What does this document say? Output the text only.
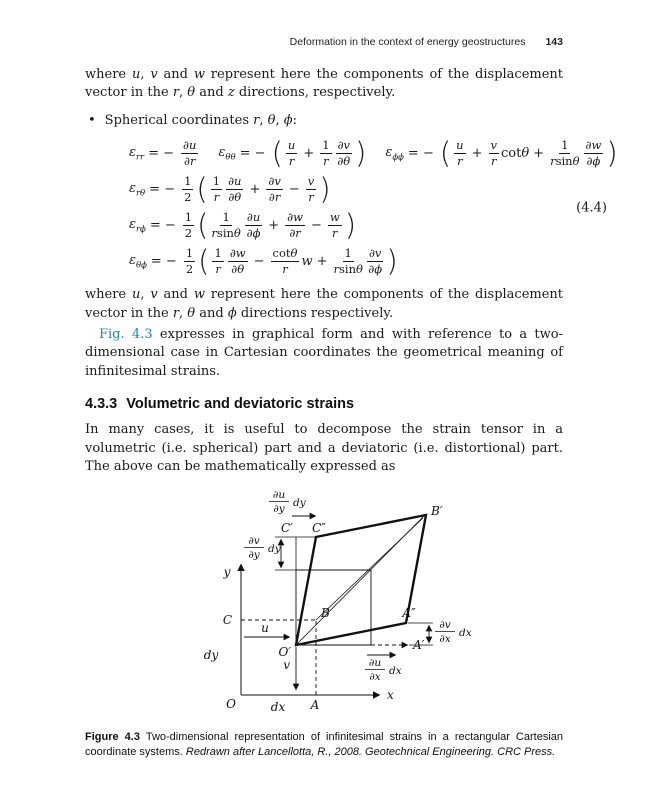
Deformation in the context of energy geostructures 143

where u, v and w represent here the components of the displacement vector in the r, θ and z directions, respectively.

• Spherical coordinates r, θ, ϕ:
$\varepsilon_{rr}$ = − $\frac{\partial u}{\partial r} \varepsilon_{\theta\theta}$ = − ( u
$r + \frac{1}{r} \partial v$
∂θ ) $\varepsilon_{\phi\phi}$ = − ( u
$r + \frac{v}{r}$ $\cot \theta + \frac{1}{rsin\theta} \partial w$
∂ϕ )
$\varepsilon_{r\theta}$ = − $\frac{1}{2}$ ( 1
r
∂u
$\partial\theta + \frac{\partial v}{\partial r} - \frac{v}{r}$ )
$\varepsilon_{r\phi}$ = − $\frac{1}{2}$ ( 1
rsinθ
∂u
$\partial\phi + \frac{\partial w}{\partial r} - \frac{w}{r}$ )
$\varepsilon_{\theta\phi}$ = − $\frac{1}{2}$ ( 1
r
∂w
$\partial\theta - \frac{\cot\theta}{r}$ $w + \frac{1}{rsin\theta} \partial v$
∂ϕ )
(4.4)

where u, v and w represent here the components of the displacement vector in the r, θ and ϕ directions respectively.

Fig. 4.3 expresses in graphical form and with reference to a two-dimensional case in Cartesian coordinates the geometrical meaning of infinitesimal strains.

4.3.3 Volumetric and deviatoric strains

In many cases, it is useful to decompose the strain tensor in a volumetric (i.e. spherical) part and a deviatoric (i.e. distortional) part. The above can be mathematically expressed as

y
x
O	A
dx
C	B
dy	O′
u
v
A′
A″
B′
C′ C″
∂u
∂y dy
∂v
∂y dy
∂v
∂x dx
∂u
∂x dx
Figure 4.3 Two-dimensional representation of infinitesimal strains in a rectangular Cartesian coordinate systems. Redrawn after Lancellotta, R., 2008. Geotechnical Engineering. CRC Press.
